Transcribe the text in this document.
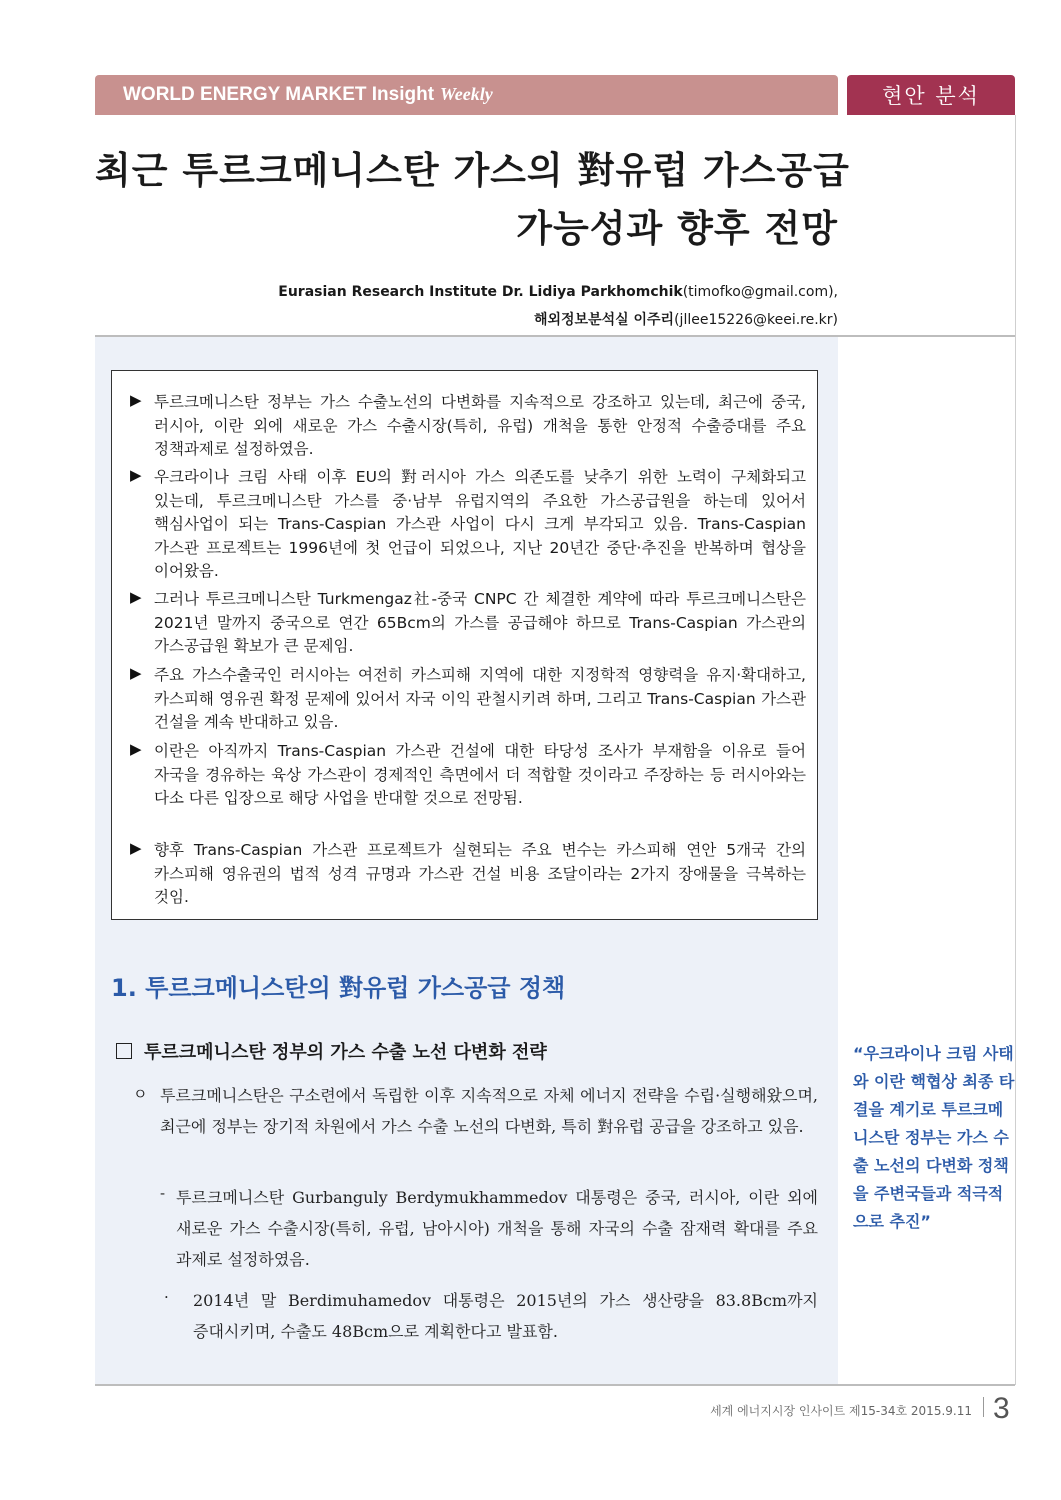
WORLD ENERGY MARKET Insight Weekly	현안 분석
최근 투르크메니스탄 가스의 對유럽 가스공급
가능성과 향후 전망
Eurasian Research Institute Dr. Lidiya Parkhomchik(timofko@gmail.com),
해외정보분석실 이주리(jllee15226@keei.re.kr)
▶ 투르크메니스탄 정부는 가스 수출노선의 다변화를 지속적으로 강조하고 있는데, 최근에 중국, 러시아, 이란 외에 새로운 가스 수출시장(특히, 유럽) 개척을 통한 안정적 수출증대를 주요 정책과제로 설정하였음.
▶ 우크라이나 크림 사태 이후 EU의 對러시아 가스 의존도를 낮추기 위한 노력이 구체화되고 있는데, 투르크메니스탄 가스를 중·남부 유럽지역의 주요한 가스공급원을 하는데 있어서 핵심사업이 되는 Trans-Caspian 가스관 사업이 다시 크게 부각되고 있음. Trans-Caspian 가스관 프로젝트는 1996년에 첫 언급이 되었으나, 지난 20년간 중단·추진을 반복하며 협상을 이어왔음.
▶ 그러나 투르크메니스탄 Turkmengaz社-중국 CNPC 간 체결한 계약에 따라 투르크메니스탄은 2021년 말까지 중국으로 연간 65Bcm의 가스를 공급해야 하므로 Trans-Caspian 가스관의 가스공급원 확보가 큰 문제임.
▶ 주요 가스수출국인 러시아는 여전히 카스피해 지역에 대한 지정학적 영향력을 유지·확대하고, 카스피해 영유권 확정 문제에 있어서 자국 이익 관철시키려 하며, 그리고 Trans-Caspian 가스관 건설을 계속 반대하고 있음.
▶ 이란은 아직까지 Trans-Caspian 가스관 건설에 대한 타당성 조사가 부재함을 이유로 들어 자국을 경유하는 육상 가스관이 경제적인 측면에서 더 적합할 것이라고 주장하는 등 러시아와는 다소 다른 입장으로 해당 사업을 반대할 것으로 전망됨.
▶ 향후 Trans-Caspian 가스관 프로젝트가 실현되는 주요 변수는 카스피해 연안 5개국 간의 카스피해 영유권의 법적 성격 규명과 가스관 건설 비용 조달이라는 2가지 장애물을 극복하는 것임.
1. 투르크메니스탄의 對유럽 가스공급 정책
투르크메니스탄 정부의 가스 수출 노선 다변화 전략
ㅇ 투르크메니스탄은 구소련에서 독립한 이후 지속적으로 자체 에너지 전략을 수립·실행해왔으며, 최근에 정부는 장기적 차원에서 가스 수출 노선의 다변화, 특히 對유럽 공급을 강조하고 있음.
- 투르크메니스탄 Gurbanguly Berdymukhammedov 대통령은 중국, 러시아, 이란 외에 새로운 가스 수출시장(특히, 유럽, 남아시아) 개척을 통해 자국의 수출 잠재력 확대를 주요 과제로 설정하였음.
· 2014년 말 Berdimuhamedov 대통령은 2015년의 가스 생산량을 83.8Bcm까지 증대시키며, 수출도 48Bcm으로 계획한다고 발표함.
“우크라이나 크림 사태와 이란 핵협상 최종 타결을 계기로 투르크메니스탄 정부는 가스 수출 노선의 다변화 정책을 주변국들과 적극적으로 추진”
세계 에너지시장 인사이트 제15-34호 2015.9.11 3
